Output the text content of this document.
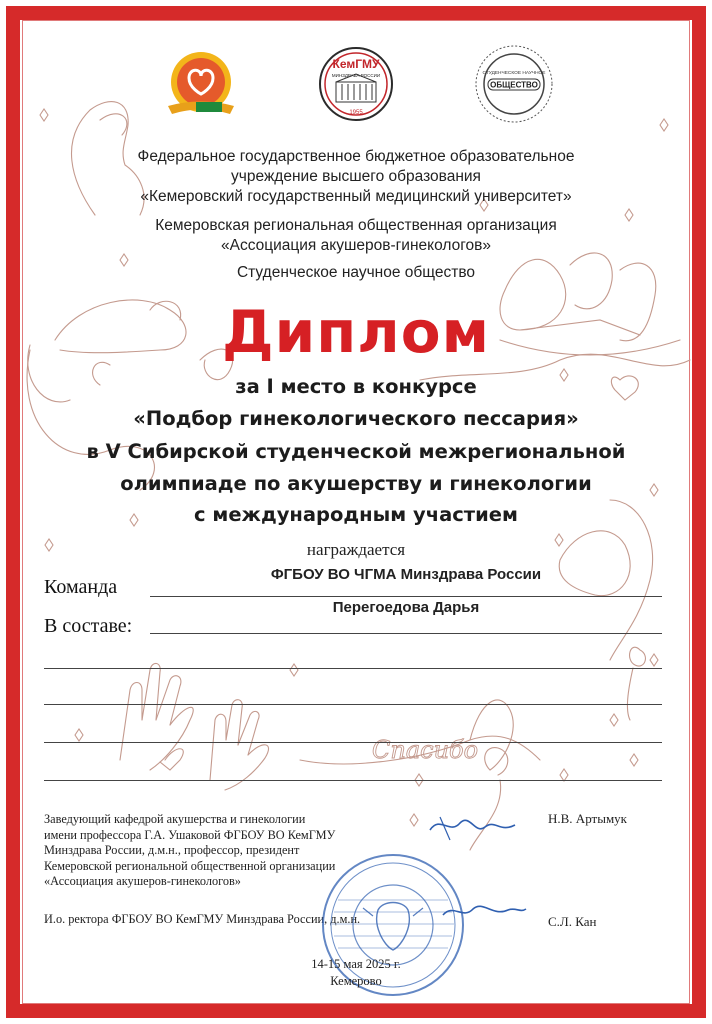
Спасибо
КемГМУ
МИНЗДРАВА РОССИИ
1955
СТУДЕНЧЕСКОЕ НАУЧНОЕ
ОБЩЕСТВО
Федеральное государственное бюджетное образовательное
учреждение высшего образования
«Кемеровский государственный медицинский университет»
Кемеровская региональная общественная организация
«Ассоциация акушеров-гинекологов»
Студенческое научное общество
Диплом
за I место в конкурсе
«Подбор гинекологического пессария»
в V Сибирской студенческой межрегиональной
олимпиаде по акушерству и гинекологии
с международным участием
награждается
Команда
ФГБОУ ВО ЧГМА Минздрава России
В составе:
Перегоедова Дарья
Заведующий кафедрой акушерства и гинекологии
имени профессора Г.А. Ушаковой ФГБОУ ВО КемГМУ
Минздрава России, д.м.н., профессор, президент
Кемеровской региональной общественной организации
«Ассоциация акушеров-гинекологов»
Н.В. Артымук
И.о. ректора ФГБОУ ВО КемГМУ Минздрава России, д.м.н.	С.Л. Кан
14-15 мая 2025 г.
Кемерово
